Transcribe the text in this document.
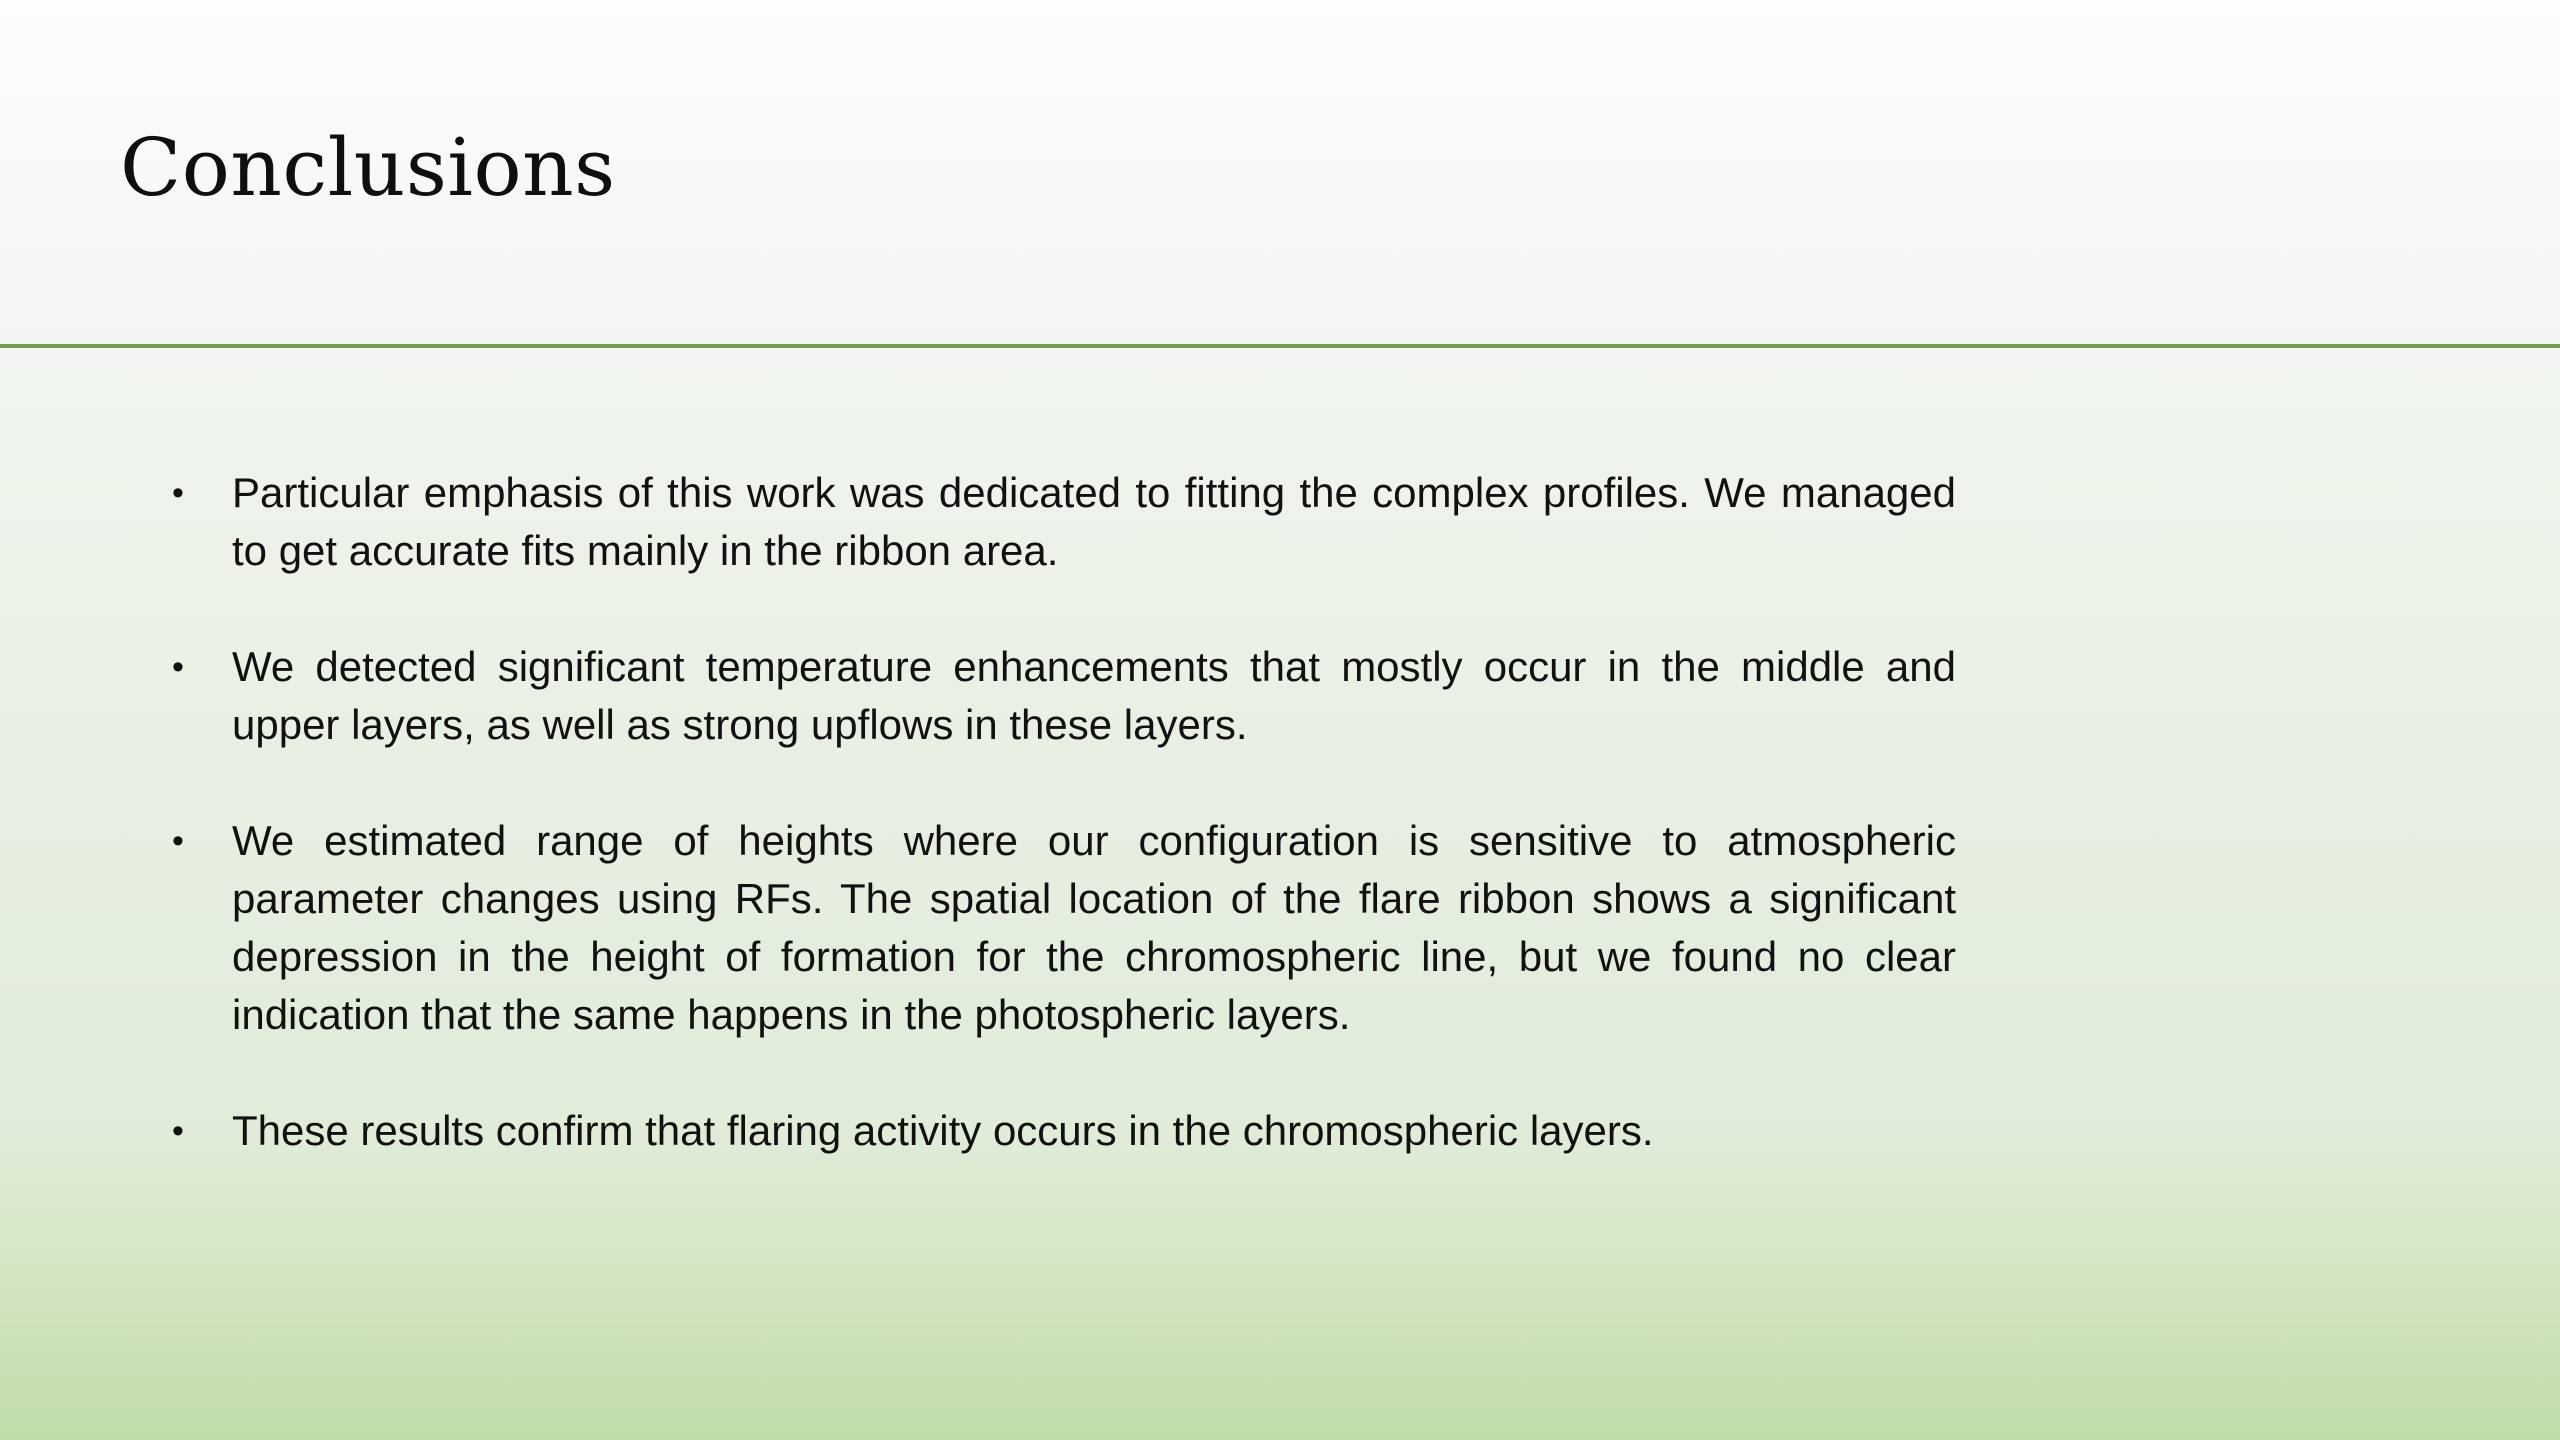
Conclusions
•	Particular emphasis of this work was dedicated to fitting the complex profiles. We managed to get accurate fits mainly in the ribbon area.
•	We detected significant temperature enhancements that mostly occur in the middle and upper layers, as well as strong upflows in these layers.
•	We estimated range of heights where our configuration is sensitive to atmospheric parameter changes using RFs. The spatial location of the flare ribbon shows a significant depression in the height of formation for the chromospheric line, but we found no clear indication that the same happens in the photospheric layers.
•	These results confirm that flaring activity occurs in the chromospheric layers.
